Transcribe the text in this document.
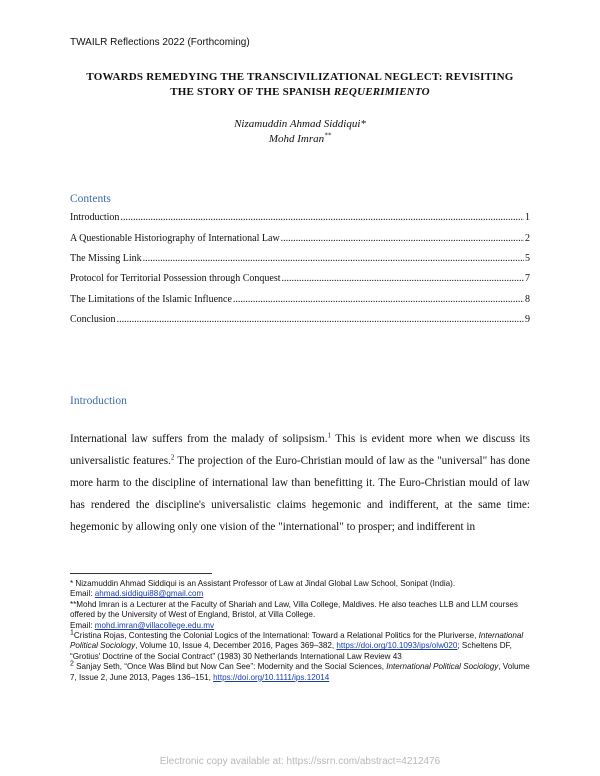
TWAILR Reflections 2022 (Forthcoming)
TOWARDS REMEDYING THE TRANSCIVILIZATIONAL NEGLECT: REVISITING
THE STORY OF THE SPANISH REQUERIMIENTO
Nizamuddin Ahmad Siddiqui*
Mohd Imran**
Contents
Introduction .....	1
A Questionable Historiography of International Law .....	2
The Missing Link .....	5
Protocol for Territorial Possession through Conquest .....	7
The Limitations of the Islamic Influence .....	8
Conclusion .....	9
Introduction
International law suffers from the malady of solipsism.$^1$ This is evident more when we discuss its universalistic features.$^2$ The projection of the Euro-Christian mould of law as the "universal" has done more harm to the discipline of international law than benefitting it. The Euro-Christian mould of law has rendered the discipline's universalistic claims hegemonic and indifferent, at the same time: hegemonic by allowing only one vision of the "international" to prosper; and indifferent in

* Nizamuddin Ahmad Siddiqui is an Assistant Professor of Law at Jindal Global Law School, Sonipat (India).
Email: ahmad.siddiqui88@gmail.com

**Mohd Imran is a Lecturer at the Faculty of Shariah and Law, Villa College, Maldives. He also teaches LLB and LLM courses offered by the University of West of England, Bristol, at Villa College.
Email: mohd.imran@villacollege.edu.mv

$^1$Cristina Rojas, Contesting the Colonial Logics of the International: Toward a Relational Politics for the Pluriverse, International Political Sociology, Volume 10, Issue 4, December 2016, Pages 369–382, https://doi.org/10.1093/ips/olw020; Scheltens DF, “Grotius' Doctrine of the Social Contract” (1983) 30 Netherlands International Law Review 43

$^2$ Sanjay Seth, “Once Was Blind but Now Can See”: Modernity and the Social Sciences, International Political Sociology, Volume 7, Issue 2, June 2013, Pages 136–151, https://doi.org/10.1111/ips.12014

Electronic copy available at: https://ssrn.com/abstract=4212476
